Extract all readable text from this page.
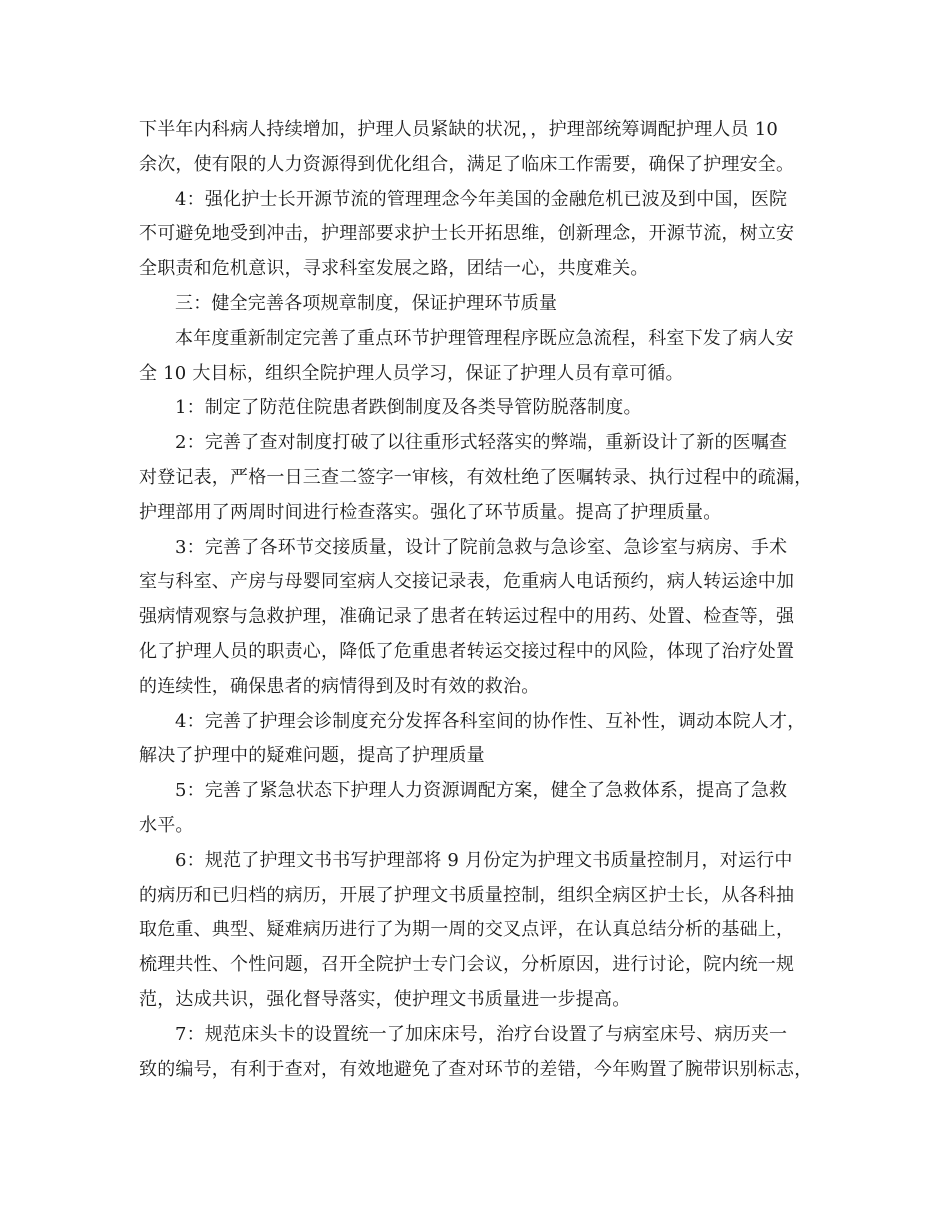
下半年内科病人持续增加，护理人员紧缺的状况，，护理部统筹调配护理人员 10
余次，使有限的人力资源得到优化组合，满足了临床工作需要，确保了护理安全。
4：强化护士长开源节流的管理理念今年美国的金融危机已波及到中国，医院
不可避免地受到冲击，护理部要求护士长开拓思维，创新理念，开源节流，树立安
全职责和危机意识，寻求科室发展之路，团结一心，共度难关。
三：健全完善各项规章制度，保证护理环节质量
本年度重新制定完善了重点环节护理管理程序既应急流程，科室下发了病人安
全 10 大目标，组织全院护理人员学习，保证了护理人员有章可循。
1：制定了防范住院患者跌倒制度及各类导管防脱落制度。
2：完善了查对制度打破了以往重形式轻落实的弊端，重新设计了新的医嘱查
对登记表，严格一日三查二签字一审核，有效杜绝了医嘱转录、执行过程中的疏漏，
护理部用了两周时间进行检查落实。强化了环节质量。提高了护理质量。
3：完善了各环节交接质量，设计了院前急救与急诊室、急诊室与病房、手术
室与科室、产房与母婴同室病人交接记录表，危重病人电话预约，病人转运途中加
强病情观察与急救护理，准确记录了患者在转运过程中的用药、处置、检查等，强
化了护理人员的职责心，降低了危重患者转运交接过程中的风险，体现了治疗处置
的连续性，确保患者的病情得到及时有效的救治。
4：完善了护理会诊制度充分发挥各科室间的协作性、互补性，调动本院人才，
解决了护理中的疑难问题，提高了护理质量
5：完善了紧急状态下护理人力资源调配方案，健全了急救体系，提高了急救
水平。
6：规范了护理文书书写护理部将 9 月份定为护理文书质量控制月，对运行中
的病历和已归档的病历，开展了护理文书质量控制，组织全病区护士长，从各科抽
取危重、典型、疑难病历进行了为期一周的交叉点评，在认真总结分析的基础上，
梳理共性、个性问题，召开全院护士专门会议，分析原因，进行讨论，院内统一规
范，达成共识，强化督导落实，使护理文书质量进一步提高。
7：规范床头卡的设置统一了加床床号，治疗台设置了与病室床号、病历夹一
致的编号，有利于查对，有效地避免了查对环节的差错，今年购置了腕带识别标志，
